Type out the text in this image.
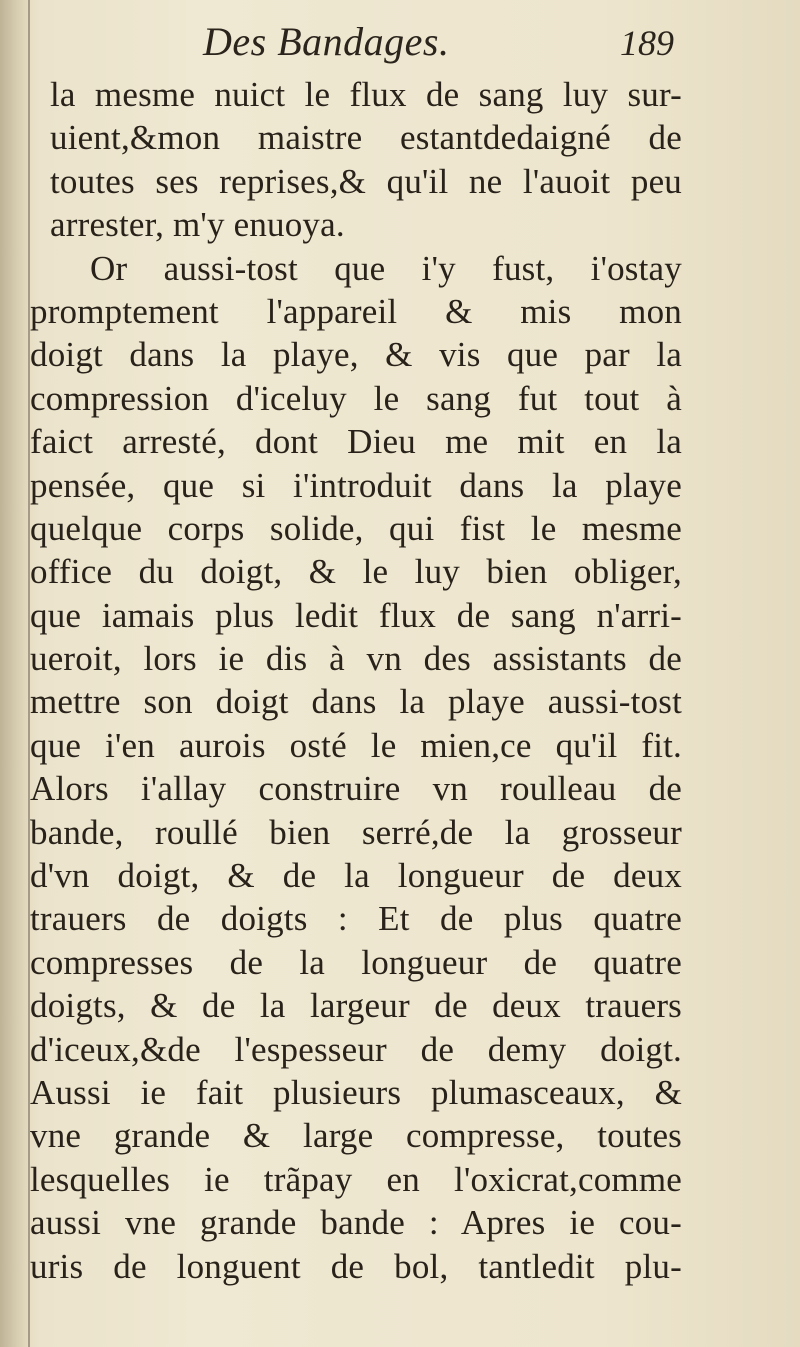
Des Bandages.	189
la mesme nuict le flux de sang luy sur-
uient,&mon maistre estantdedaigné de
toutes ses reprises,& qu'il ne l'auoit peu
arrester, m'y enuoya.
Or aussi-tost que i'y fust, i'ostay
promptement l'appareil & mis mon
doigt dans la playe, & vis que par la
compression d'iceluy le sang fut tout à
faict arresté, dont Dieu me mit en la
pensée, que si i'introduit dans la playe
quelque corps solide, qui fist le mesme
office du doigt, & le luy bien obliger,
que iamais plus ledit flux de sang n'arri-
ueroit, lors ie dis à vn des assistants de
mettre son doigt dans la playe aussi-tost
que i'en aurois osté le mien,ce qu'il fit.
Alors i'allay construire vn roulleau de
bande, roullé bien serré,de la grosseur
d'vn doigt, & de la longueur de deux
trauers de doigts : Et de plus quatre
compresses de la longueur de quatre
doigts, & de la largeur de deux trauers
d'iceux,&de l'espesseur de demy doigt.
Aussi ie fait plusieurs plumasceaux, &
vne grande & large compresse, toutes
lesquelles ie trãpay en l'oxicrat,comme
aussi vne grande bande : Apres ie cou-
uris de longuent de bol, tantledit plu-
